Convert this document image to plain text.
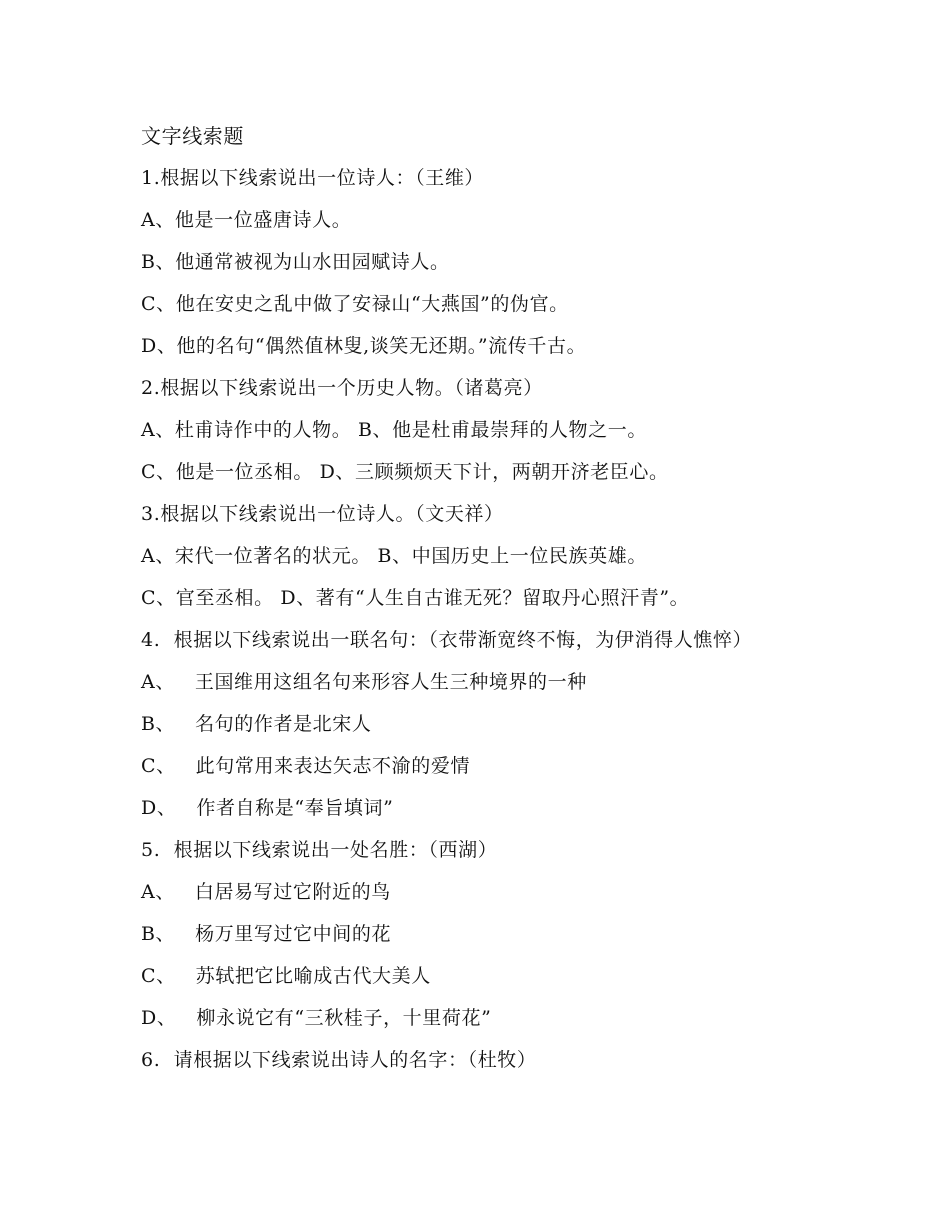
文字线索题
1.根据以下线索说出一位诗人：（王维）
A、他是一位盛唐诗人。
B、他通常被视为山水田园赋诗人。
C、他在安史之乱中做了安禄山“大燕国”的伪官。
D、他的名句“偶然值林叟,谈笑无还期。”流传千古。
2.根据以下线索说出一个历史人物。（诸葛亮）
A、杜甫诗作中的人物。 B、他是杜甫最崇拜的人物之一。
C、他是一位丞相。 D、三顾频烦天下计，两朝开济老臣心。
3.根据以下线索说出一位诗人。（文天祥）
A、宋代一位著名的状元。 B、中国历史上一位民族英雄。
C、官至丞相。 D、著有“人生自古谁无死？留取丹心照汗青”。
4.  根据以下线索说出一联名句：（衣带渐宽终不悔，为伊消得人憔悴）
A、   王国维用这组名句来形容人生三种境界的一种
B、   名句的作者是北宋人
C、   此句常用来表达矢志不渝的爱情
D、   作者自称是“奉旨填词”
5.  根据以下线索说出一处名胜：（西湖）
A、   白居易写过它附近的鸟
B、   杨万里写过它中间的花
C、   苏轼把它比喻成古代大美人
D、   柳永说它有“三秋桂子，十里荷花”
6.  请根据以下线索说出诗人的名字：（杜牧）
